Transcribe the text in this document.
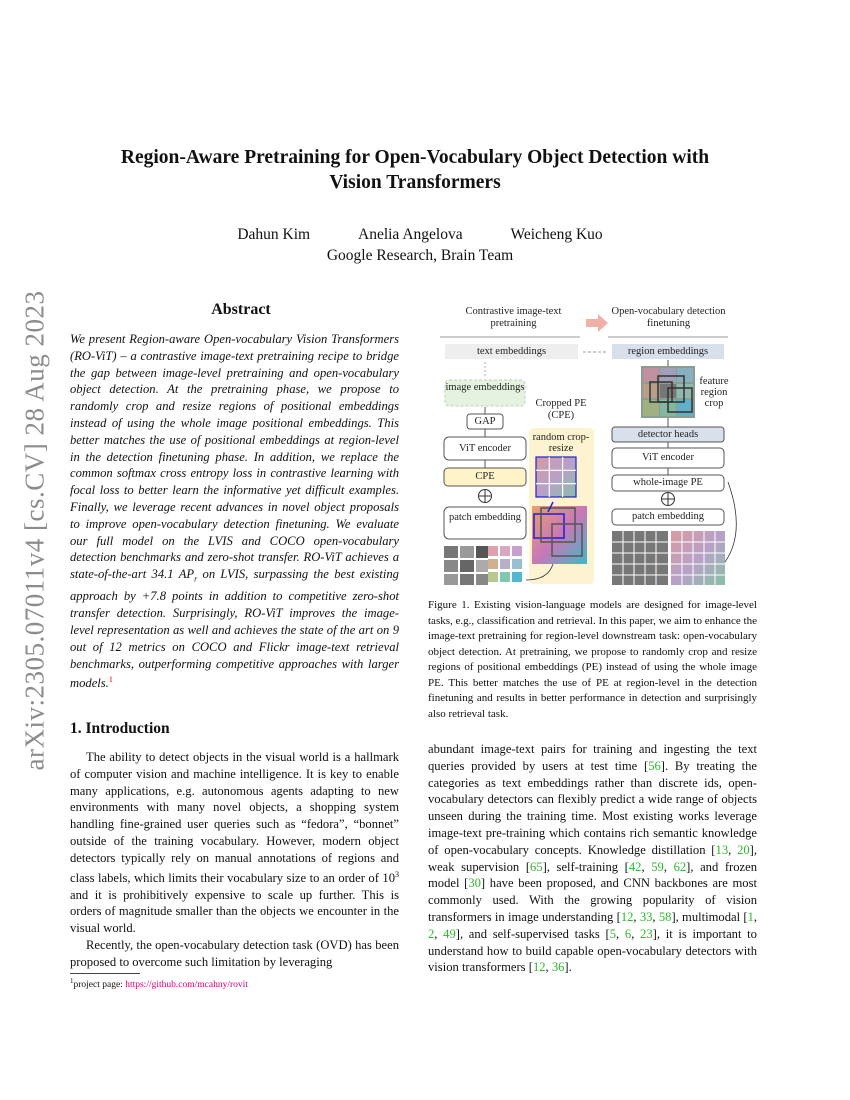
arXiv:2305.07011v4 [cs.CV] 28 Aug 2023
Region-Aware Pretraining for Open-Vocabulary Object Detection with
Vision Transformers
Dahun Kim	Anelia Angelova	Weicheng Kuo
Google Research, Brain Team
Abstract

We present Region-aware Open-vocabulary Vision Transformers (RO-ViT) – a contrastive image-text pretraining recipe to bridge the gap between image-level pretraining and open-vocabulary object detection. At the pretraining phase, we propose to randomly crop and resize regions of positional embeddings instead of using the whole image positional embeddings. This better matches the use of positional embeddings at region-level in the detection finetuning phase. In addition, we replace the common softmax cross entropy loss in contrastive learning with focal loss to better learn the informative yet difficult examples. Finally, we leverage recent advances in novel object proposals to improve open-vocabulary detection finetuning. We evaluate our full model on the LVIS and COCO open-vocabulary detection benchmarks and zero-shot transfer. RO-ViT achieves a state-of-the-art 34.1 $AP_r$ on LVIS, surpassing the best existing approach by +7.8 points in addition to competitive zero-shot transfer detection. Surprisingly, RO-ViT improves the image-level representation as well and achieves the state of the art on 9 out of 12 metrics on COCO and Flickr image-text retrieval benchmarks, outperforming competitive approaches with larger models.$^1$

1. Introduction

The ability to detect objects in the visual world is a hallmark of computer vision and machine intelligence. It is key to enable many applications, e.g. autonomous agents adapting to new environments with many novel objects, a shopping system handling fine-grained user queries such as “fedora”, “bonnet” outside of the training vocabulary. However, modern object detectors typically rely on manual annotations of regions and class labels, which limits their vocabulary size to an order of $10^3$ and it is prohibitively expensive to scale up further. This is orders of magnitude smaller than the objects we encounter in the visual world.

Recently, the open-vocabulary detection task (OVD) has been proposed to overcome such limitation by leveraging

$^1$project page: https://github.com/mcahny/rovit
Contrastive image-text pretraining
Open-vocabulary detection finetuning
text embeddings	region embeddings
image embeddings
GAP
ViT encoder
CPE
Cropped PE (CPE)
random crop-resize
patch embedding
feature region crop
detector heads
ViT encoder
whole-image PE
patch embedding

Figure 1. Existing vision-language models are designed for image-level tasks, e.g., classification and retrieval. In this paper, we aim to enhance the image-text pretraining for region-level downstream task: open-vocabulary object detection. At pretraining, we propose to randomly crop and resize regions of positional embeddings (PE) instead of using the whole image PE. This better matches the use of PE at region-level in the detection finetuning and results in better performance in detection and surprisingly also retrieval task.

abundant image-text pairs for training and ingesting the text queries provided by users at test time [56]. By treating the categories as text embeddings rather than discrete ids, open-vocabulary detectors can flexibly predict a wide range of objects unseen during the training time. Most existing works leverage image-text pre-training which contains rich semantic knowledge of open-vocabulary concepts. Knowledge distillation [13, 20], weak supervision [65], self-training [42, 59, 62], and frozen model [30] have been proposed, and CNN backbones are most commonly used. With the growing popularity of vision transformers in image understanding [12, 33, 58], multimodal [1, 2, 49], and self-supervised tasks [5, 6, 23], it is important to understand how to build capable open-vocabulary detectors with vision transformers [12, 36].
